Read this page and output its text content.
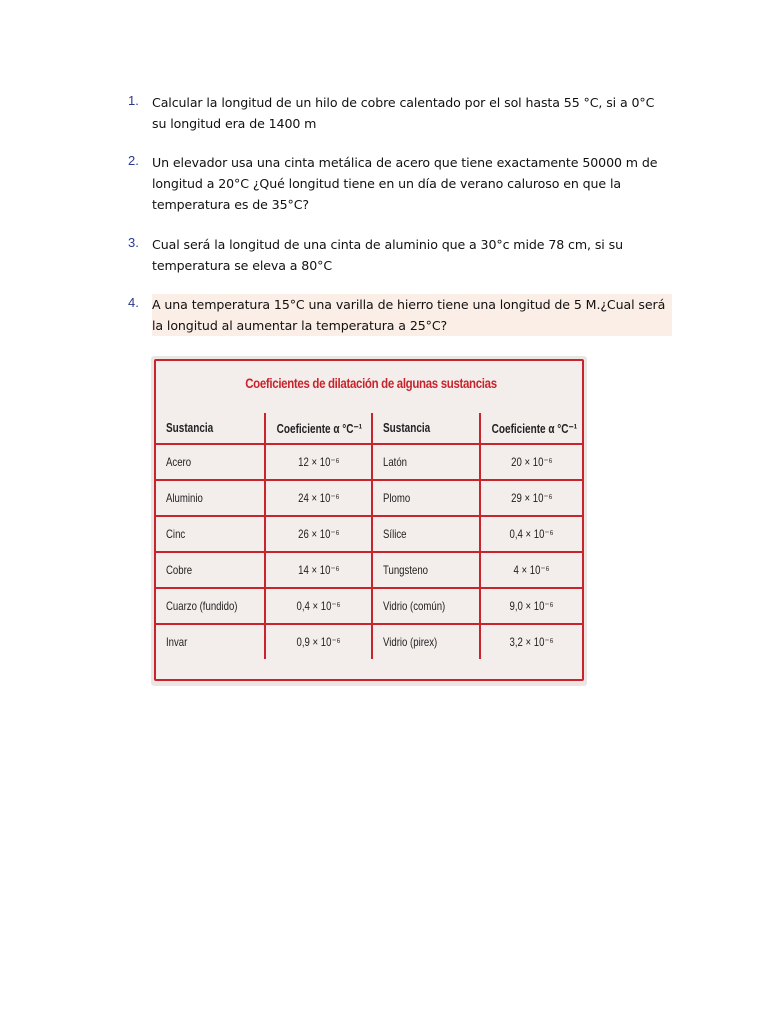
1. Calcular la longitud de un hilo de cobre calentado por el sol hasta 55 °C, si a 0°C
su longitud era de 1400 m
2. Un elevador usa una cinta metálica de acero que tiene exactamente 50000 m de
longitud a 20°C ¿Qué longitud tiene en un día de verano caluroso en que la
temperatura es de 35°C?
3. Cual será la longitud de una cinta de aluminio que a 30°c mide 78 cm, si su
temperatura se eleva a 80°C
4. A una temperatura 15°C una varilla de hierro tiene una longitud de 5 M.¿Cual será
la longitud al aumentar la temperatura a 25°C?
Coeficientes de dilatación de algunas sustancias
Sustancia	Coeficiente α °C⁻¹	Sustancia	Coeficiente α °C⁻¹
Acero	12 × 10⁻⁶	Latón	20 × 10⁻⁶
Aluminio	24 × 10⁻⁶	Plomo	29 × 10⁻⁶
Cinc	26 × 10⁻⁶	Sílice	0,4 × 10⁻⁶
Cobre	14 × 10⁻⁶	Tungsteno	4 × 10⁻⁶
Cuarzo (fundido)	0,4 × 10⁻⁶	Vidrio (común)	9,0 × 10⁻⁶
Invar	0,9 × 10⁻⁶	Vidrio (pirex)	3,2 × 10⁻⁶
